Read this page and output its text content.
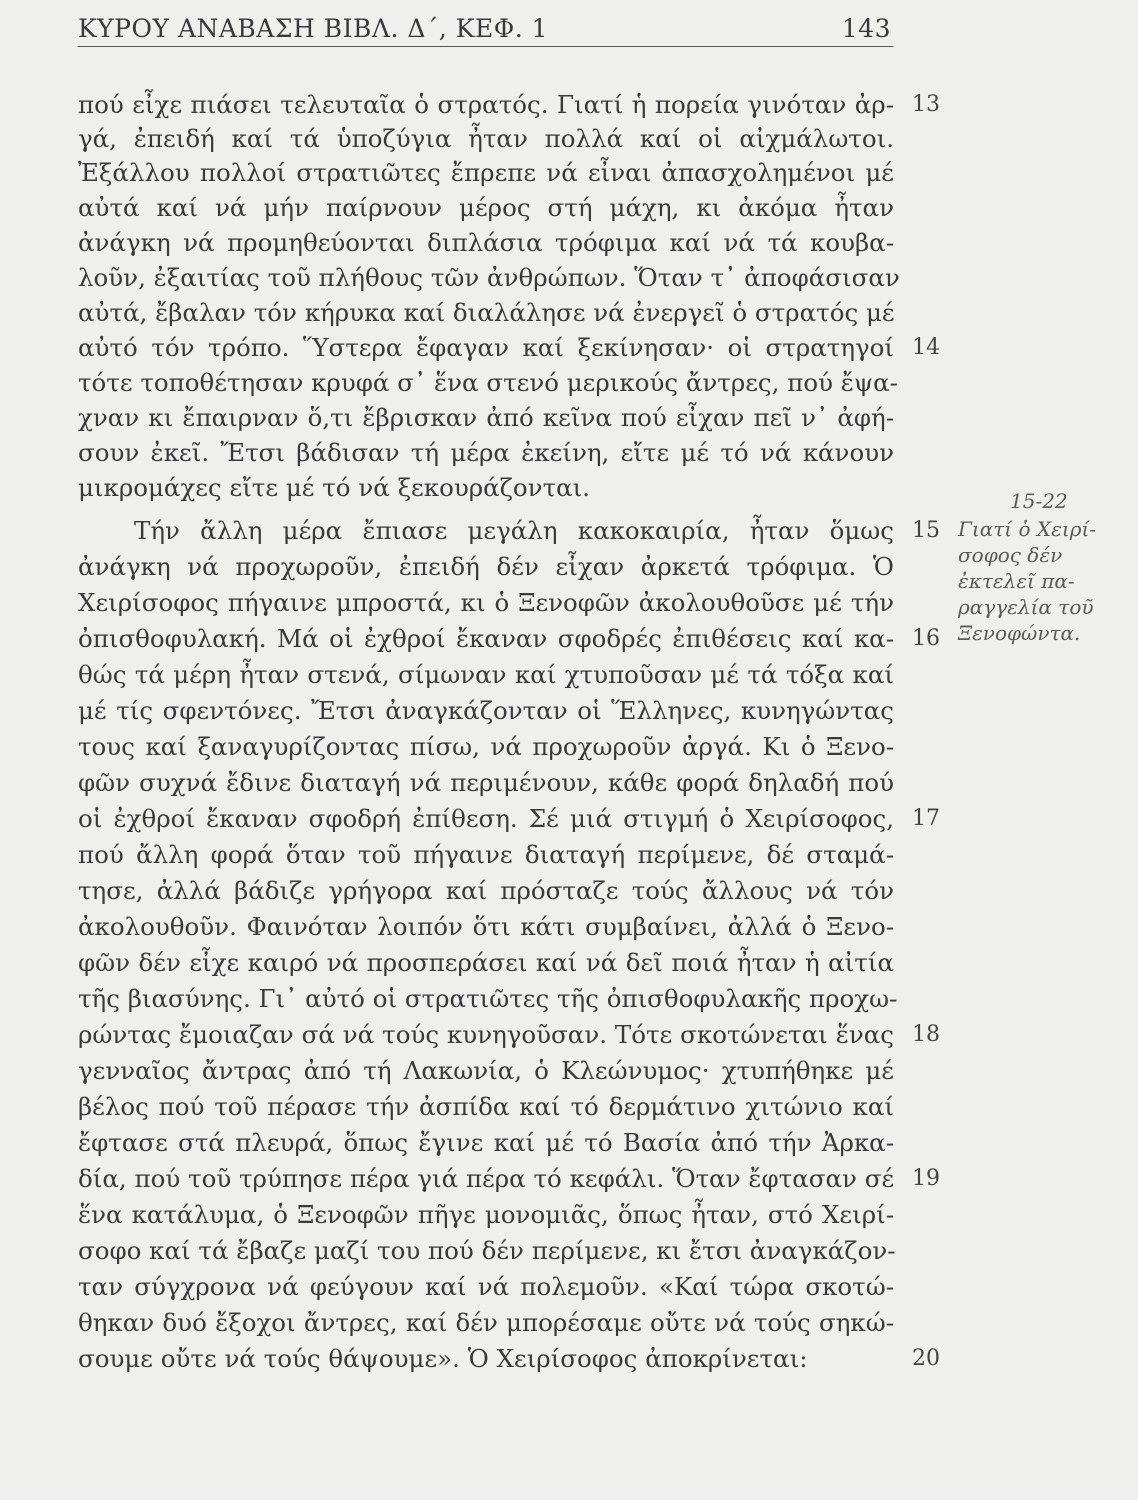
ΚΥΡΟΥ ΑΝΑΒΑΣΗ ΒΙΒΛ. Δ΄, ΚΕΦ. 1	143
πού εἶχε πιάσει τελευταῖα ὁ στρατός. Γιατί ἡ πορεία γινόταν ἀρ-
γά, ἐπειδή καί τά ὑποζύγια ἦταν πολλά καί οἱ αἰχμάλωτοι.
Ἐξάλλου πολλοί στρατιῶτες ἔπρεπε νά εἶναι ἀπασχολημένοι μέ
αὐτά καί νά μήν παίρνουν μέρος στή μάχη, κι ἀκόμα ἦταν
ἀνάγκη νά προμηθεύονται διπλάσια τρόφιμα καί νά τά κουβα-
λοῦν, ἐξαιτίας τοῦ πλήθους τῶν ἀνθρώπων. Ὅταν τ᾽ ἀποφάσισαν
αὐτά, ἔβαλαν τόν κήρυκα καί διαλάλησε νά ἐνεργεῖ ὁ στρατός μέ
αὐτό τόν τρόπο. Ὕστερα ἔφαγαν καί ξεκίνησαν· οἱ στρατηγοί
τότε τοποθέτησαν κρυφά σ᾽ ἕνα στενό μερικούς ἄντρες, πού ἔψα-
χναν κι ἔπαιρναν ὅ,τι ἔβρισκαν ἀπό κεῖνα πού εἶχαν πεῖ ν᾽ ἀφή-
σουν ἐκεῖ. Ἔτσι βάδισαν τή μέρα ἐκείνη, εἴτε μέ τό νά κάνουν
μικρομάχες εἴτε μέ τό νά ξεκουράζονται.
Τήν ἄλλη μέρα ἔπιασε μεγάλη κακοκαιρία, ἦταν ὅμως
ἀνάγκη νά προχωροῦν, ἐπειδή δέν εἶχαν ἀρκετά τρόφιμα. Ὁ
Χειρίσοφος πήγαινε μπροστά, κι ὁ Ξενοφῶν ἀκολουθοῦσε μέ τήν
ὀπισθοφυλακή. Μά οἱ ἐχθροί ἔκαναν σφοδρές ἐπιθέσεις καί κα-
θώς τά μέρη ἦταν στενά, σίμωναν καί χτυποῦσαν μέ τά τόξα καί
μέ τίς σφεντόνες. Ἔτσι ἀναγκάζονταν οἱ Ἕλληνες, κυνηγώντας
τους καί ξαναγυρίζοντας πίσω, νά προχωροῦν ἀργά. Κι ὁ Ξενο-
φῶν συχνά ἔδινε διαταγή νά περιμένουν, κάθε φορά δηλαδή πού
οἱ ἐχθροί ἔκαναν σφοδρή ἐπίθεση. Σέ μιά στιγμή ὁ Χειρίσοφος,
πού ἄλλη φορά ὅταν τοῦ πήγαινε διαταγή περίμενε, δέ σταμά-
τησε, ἀλλά βάδιζε γρήγορα καί πρόσταζε τούς ἄλλους νά τόν
ἀκολουθοῦν. Φαινόταν λοιπόν ὅτι κάτι συμβαίνει, ἀλλά ὁ Ξενο-
φῶν δέν εἶχε καιρό νά προσπεράσει καί νά δεῖ ποιά ἦταν ἡ αἰτία
τῆς βιασύνης. Γι᾽ αὐτό οἱ στρατιῶτες τῆς ὀπισθοφυλακῆς προχω-
ρώντας ἔμοιαζαν σά νά τούς κυνηγοῦσαν. Τότε σκοτώνεται ἕνας
γενναῖος ἄντρας ἀπό τή Λακωνία, ὁ Κλεώνυμος· χτυπήθηκε μέ
βέλος πού τοῦ πέρασε τήν ἀσπίδα καί τό δερμάτινο χιτώνιο καί
ἔφτασε στά πλευρά, ὅπως ἔγινε καί μέ τό Βασία ἀπό τήν Ἀρκα-
δία, πού τοῦ τρύπησε πέρα γιά πέρα τό κεφάλι. Ὅταν ἔφτασαν σέ
ἕνα κατάλυμα, ὁ Ξενοφῶν πῆγε μονομιᾶς, ὅπως ἦταν, στό Χειρί-
σοφο καί τά ἔβαζε μαζί του πού δέν περίμενε, κι ἔτσι ἀναγκάζον-
ταν σύγχρονα νά φεύγουν καί νά πολεμοῦν. «Καί τώρα σκοτώ-
θηκαν δυό ἔξοχοι ἄντρες, καί δέν μπορέσαμε οὔτε νά τούς σηκώ-
σουμε οὔτε νά τούς θάψουμε». Ὁ Χειρίσοφος ἀποκρίνεται:
13
14
15
16
17
18
19
20
15-22
Γιατί ὁ Χειρί-
σοφος δέν
ἐκτελεῖ πα-
ραγγελία τοῦ
Ξενοφώντα.
